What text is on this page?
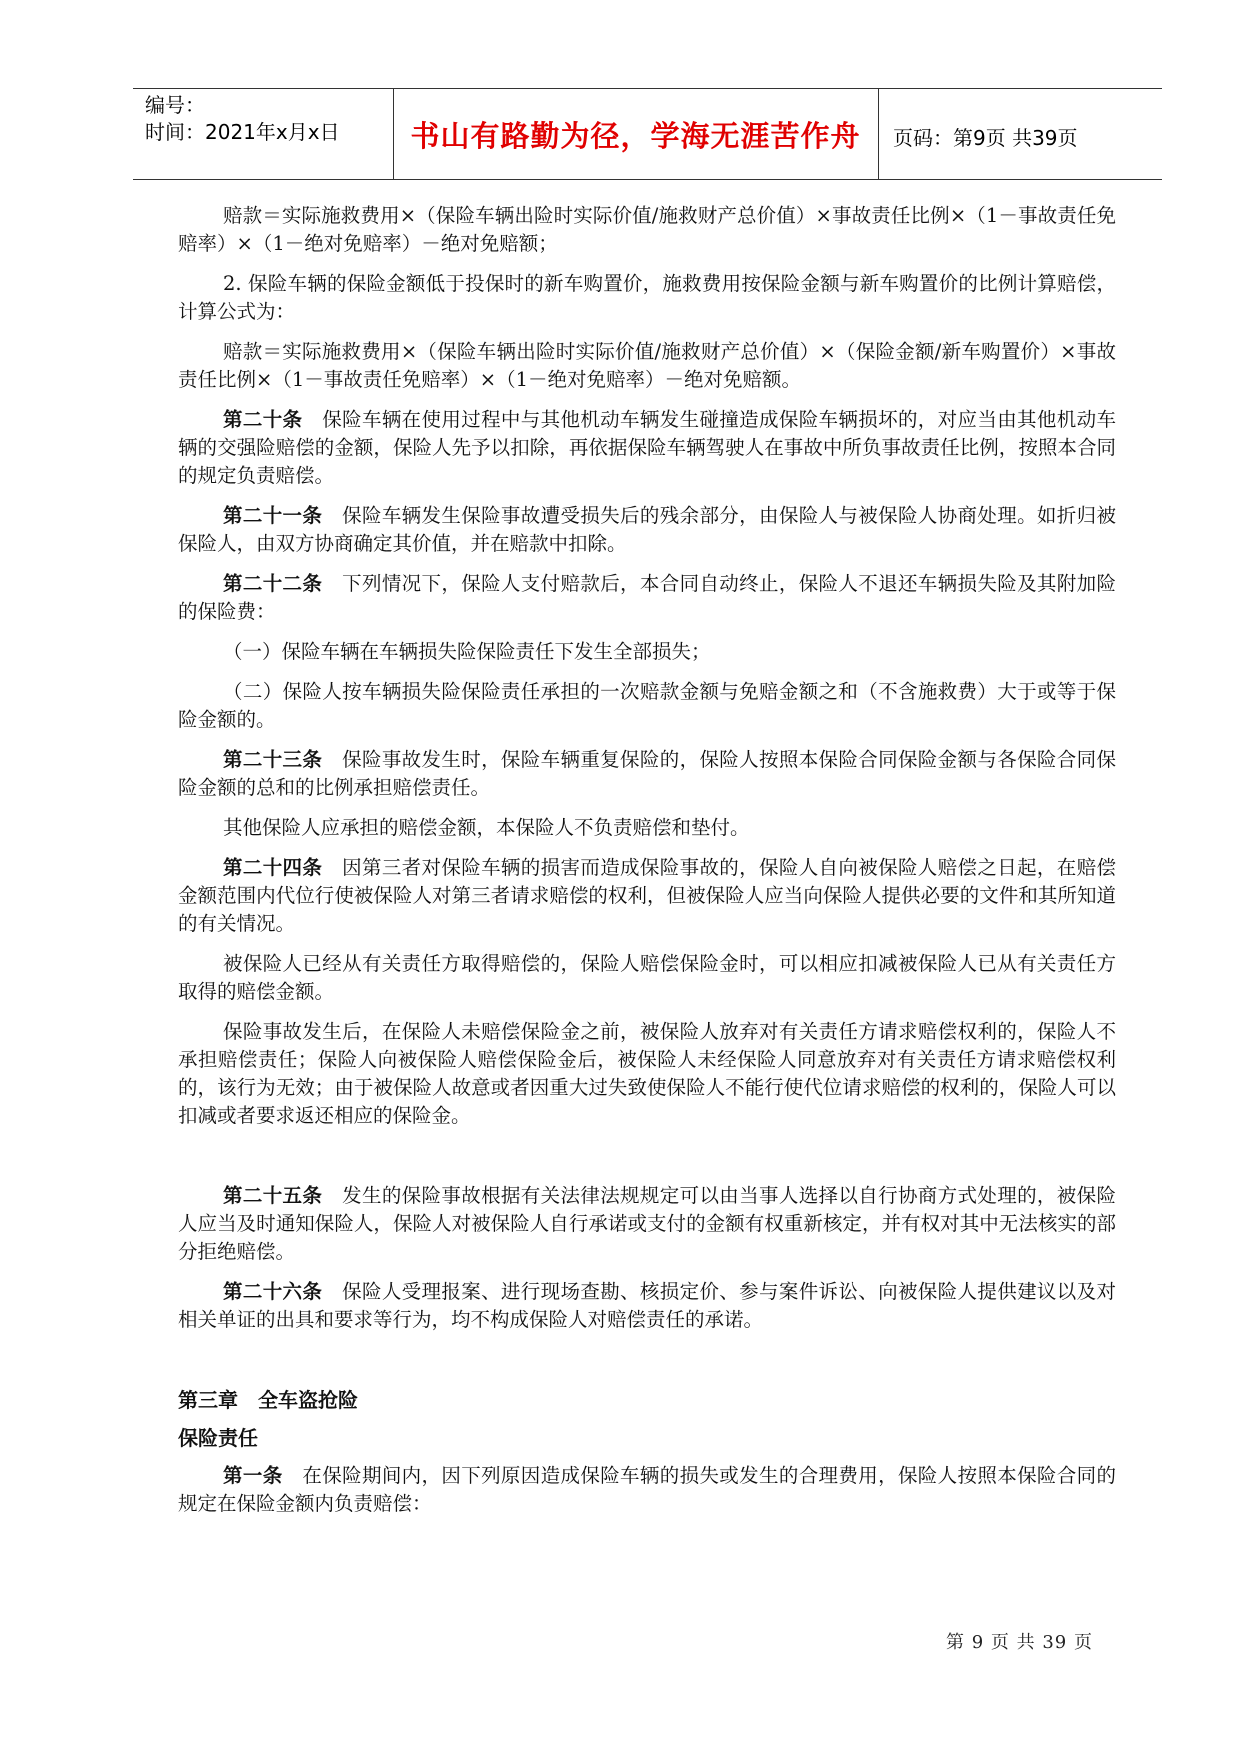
编号：
时间：2021年x月x日	书山有路勤为径，学海无涯苦作舟	页码：第9页 共39页

赔款＝实际施救费用×（保险车辆出险时实际价值/施救财产总价值）×事故责任比例×（1－事故责任免赔率）×（1－绝对免赔率）－绝对免赔额；

2. 保险车辆的保险金额低于投保时的新车购置价，施救费用按保险金额与新车购置价的比例计算赔偿，计算公式为：

赔款＝实际施救费用×（保险车辆出险时实际价值/施救财产总价值）×（保险金额/新车购置价）×事故责任比例×（1－事故责任免赔率）×（1－绝对免赔率）－绝对免赔额。

第二十条　 保险车辆在使用过程中与其他机动车辆发生碰撞造成保险车辆损坏的，对应当由其他机动车辆的交强险赔偿的金额，保险人先予以扣除，再依据保险车辆驾驶人在事故中所负事故责任比例，按照本合同的规定负责赔偿。

第二十一条　 保险车辆发生保险事故遭受损失后的残余部分，由保险人与被保险人协商处理。如折归被保险人，由双方协商确定其价值，并在赔款中扣除。

第二十二条　 下列情况下，保险人支付赔款后，本合同自动终止，保险人不退还车辆损失险及其附加险的保险费：

（一）保险车辆在车辆损失险保险责任下发生全部损失；

（二）保险人按车辆损失险保险责任承担的一次赔款金额与免赔金额之和（不含施救费）大于或等于保险金额的。

第二十三条　 保险事故发生时，保险车辆重复保险的，保险人按照本保险合同保险金额与各保险合同保险金额的总和的比例承担赔偿责任。

其他保险人应承担的赔偿金额，本保险人不负责赔偿和垫付。

第二十四条　 因第三者对保险车辆的损害而造成保险事故的，保险人自向被保险人赔偿之日起，在赔偿金额范围内代位行使被保险人对第三者请求赔偿的权利，但被保险人应当向保险人提供必要的文件和其所知道的有关情况。

被保险人已经从有关责任方取得赔偿的，保险人赔偿保险金时，可以相应扣减被保险人已从有关责任方取得的赔偿金额。

保险事故发生后，在保险人未赔偿保险金之前，被保险人放弃对有关责任方请求赔偿权利的，保险人不承担赔偿责任；保险人向被保险人赔偿保险金后，被保险人未经保险人同意放弃对有关责任方请求赔偿权利的，该行为无效；由于被保险人故意或者因重大过失致使保险人不能行使代位请求赔偿的权利的，保险人可以扣减或者要求返还相应的保险金。

第二十五条　 发生的保险事故根据有关法律法规规定可以由当事人选择以自行协商方式处理的，被保险人应当及时通知保险人，保险人对被保险人自行承诺或支付的金额有权重新核定，并有权对其中无法核实的部分拒绝赔偿。

第二十六条　 保险人受理报案、进行现场查勘、核损定价、参与案件诉讼、向被保险人提供建议以及对相关单证的出具和要求等行为，均不构成保险人对赔偿责任的承诺。

第三章　全车盗抢险

保险责任

第一条　 在保险期间内，因下列原因造成保险车辆的损失或发生的合理费用，保险人按照本保险合同的规定在保险金额内负责赔偿：

第 9 页 共 39 页
